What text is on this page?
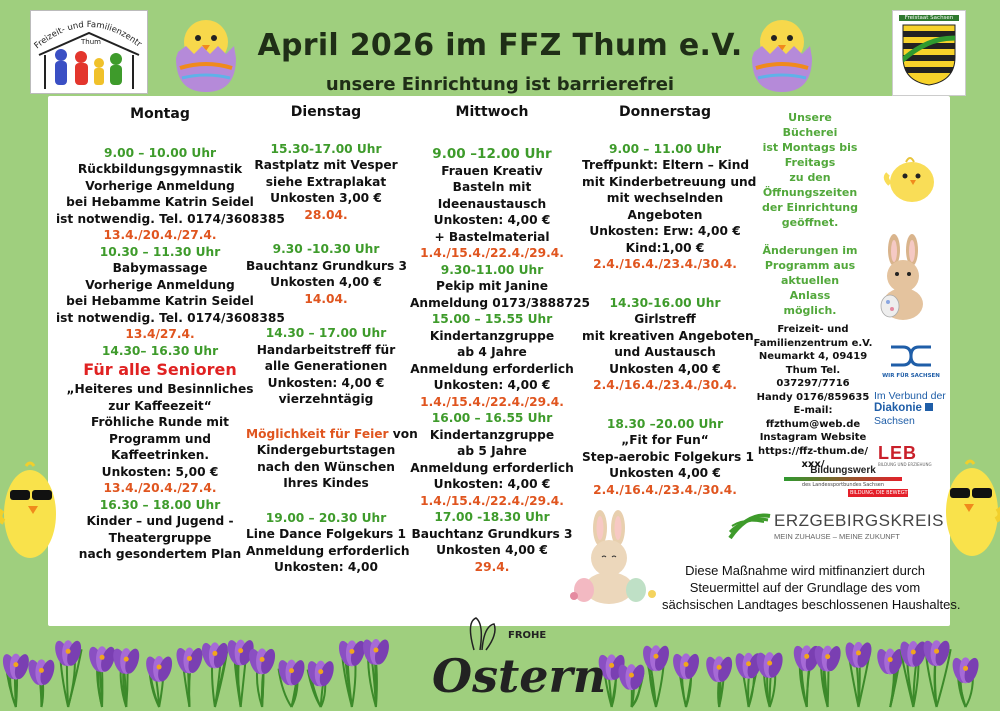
Freizeit- und Familienzentr
Thum	April 2026 im FFZ Thum e.V.
unsere Einrichtung ist barrierefrei
Freistaat Sachsen
Montag
9.00 – 10.00 Uhr
Rückbildungsgymnastik
Vorherige Anmeldung
bei Hebamme Katrin Seidel
ist notwendig. Tel. 0174/3608385
13.4./20.4./27.4.
10.30 – 11.30 Uhr
Babymassage
Vorherige Anmeldung
bei Hebamme Katrin Seidel
ist notwendig. Tel. 0174/3608385
13.4/27.4.
14.30– 16.30 Uhr
Für alle Senioren
„Heiteres und Besinnliches
zur Kaffeezeit“
Fröhliche Runde mit
Programm und
Kaffeetrinken.
Unkosten: 5,00 €
13.4./20.4./27.4.
16.30 – 18.00 Uhr
Kinder – und Jugend -
Theatergruppe
nach gesondertem Plan
Dienstag
15.30-17.00 Uhr
Rastplatz mit Vesper
siehe Extraplakat
Unkosten 3,00 €
28.04.
9.30 -10.30 Uhr
Bauchtanz Grundkurs 3
Unkosten 4,00 €
14.04.
14.30 – 17.00 Uhr
Handarbeitstreff für
alle Generationen
Unkosten: 4,00 €
vierzehntägig
Möglichkeit für Feier von
Kindergeburtstagen
nach den Wünschen
Ihres Kindes
19.00 – 20.30 Uhr
Line Dance Folgekurs 1
Anmeldung erforderlich
Unkosten: 4,00
Mittwoch
9.00 –12.00 Uhr
Frauen Kreativ
Basteln mit
Ideenaustausch
Unkosten: 4,00 €
+ Bastelmaterial
1.4./15.4./22.4./29.4.
9.30-11.00 Uhr
Pekip mit Janine
Anmeldung 0173/3888725
15.00 – 15.55 Uhr
Kindertanzgruppe
ab 4 Jahre
Anmeldung erforderlich
Unkosten: 4,00 €
1.4./15.4./22.4./29.4.
16.00 – 16.55 Uhr
Kindertanzgruppe
ab 5 Jahre
Anmeldung erforderlich
Unkosten: 4,00 €
1.4./15.4./22.4./29.4.
17.00 -18.30 Uhr
Bauchtanz Grundkurs 3
Unkosten 4,00 €
29.4.
Donnerstag
9.00 – 11.00 Uhr
Treffpunkt: Eltern – Kind
mit Kinderbetreuung und
mit wechselnden
Angeboten
Unkosten: Erw: 4,00 €
Kind:1,00 €
2.4./16.4./23.4./30.4.
14.30-16.00 Uhr
Girlstreff
mit kreativen Angeboten
und Austausch
Unkosten 4,00 €
2.4./16.4./23.4./30.4.
18.30 –20.00 Uhr
„Fit for Fun“
Step-aerobic Folgekurs 1
Unkosten 4,00 €
2.4./16.4./23.4./30.4.
Unsere Bücherei
ist Montags bis
Freitags
zu den
Öffnungszeiten
der Einrichtung
geöffnet.
Änderungen im
Programm aus
aktuellen Anlass
möglich.
Freizeit- und
Familienzentrum e.V.
Neumarkt 4, 09419
Thum Tel.
037297/7716
Handy 0176/859635
E-mail:
ffzthum@web.de
Instagram Website
https://ffz-thum.de/
xxx/
WIR FÜR SACHSEN
Im Verbund der
Diakonie
Sachsen
LEB
BILDUNG UND ERZIEHUNG
Bildungswerk
des Landessportbundes Sachsen
BILDUNG, DIE BEWEGT
ERZGEBIRGSKREIS
MEIN ZUHAUSE – MEINE ZUKUNFT
Diese Maßnahme wird mitfinanziert durch
Steuermittel auf der Grundlage des vom
sächsischen Landtages beschlossenen Haushaltes.
FROHE
Ostern
